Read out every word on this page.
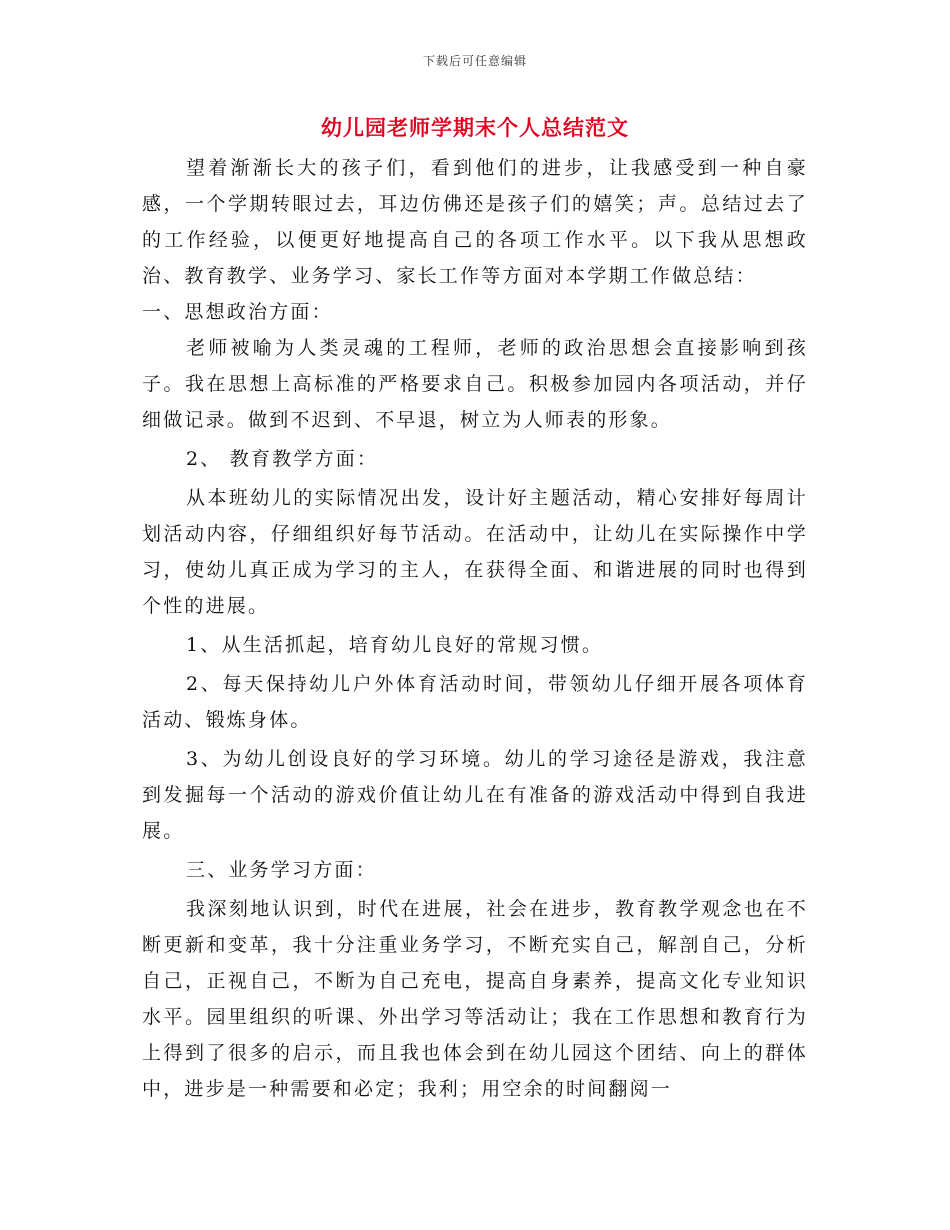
下载后可任意编辑
幼儿园老师学期末个人总结范文

望着渐渐长大的孩子们，看到他们的进步，让我感受到一种自豪感，一个学期转眼过去，耳边仿佛还是孩子们的嬉笑；声。总结过去了的工作经验，以便更好地提高自己的各项工作水平。以下我从思想政治、教育教学、业务学习、家长工作等方面对本学期工作做总结：

一、思想政治方面：

老师被喻为人类灵魂的工程师，老师的政治思想会直接影响到孩子。我在思想上高标准的严格要求自己。积极参加园内各项活动，并仔细做记录。做到不迟到、不早退，树立为人师表的形象。

2、 教育教学方面：

从本班幼儿的实际情况出发，设计好主题活动，精心安排好每周计划活动内容，仔细组织好每节活动。在活动中，让幼儿在实际操作中学习，使幼儿真正成为学习的主人，在获得全面、和谐进展的同时也得到个性的进展。

1、从生活抓起，培育幼儿良好的常规习惯。

2、每天保持幼儿户外体育活动时间，带领幼儿仔细开展各项体育活动、锻炼身体。

3、为幼儿创设良好的学习环境。幼儿的学习途径是游戏，我注意到发掘每一个活动的游戏价值让幼儿在有准备的游戏活动中得到自我进展。

三、业务学习方面：

我深刻地认识到，时代在进展，社会在进步，教育教学观念也在不断更新和变革，我十分注重业务学习，不断充实自己，解剖自己，分析自己，正视自己，不断为自己充电，提高自身素养，提高文化专业知识水平。园里组织的听课、外出学习等活动让；我在工作思想和教育行为上得到了很多的启示，而且我也体会到在幼儿园这个团结、向上的群体中，进步是一种需要和必定；我利；用空余的时间翻阅一
